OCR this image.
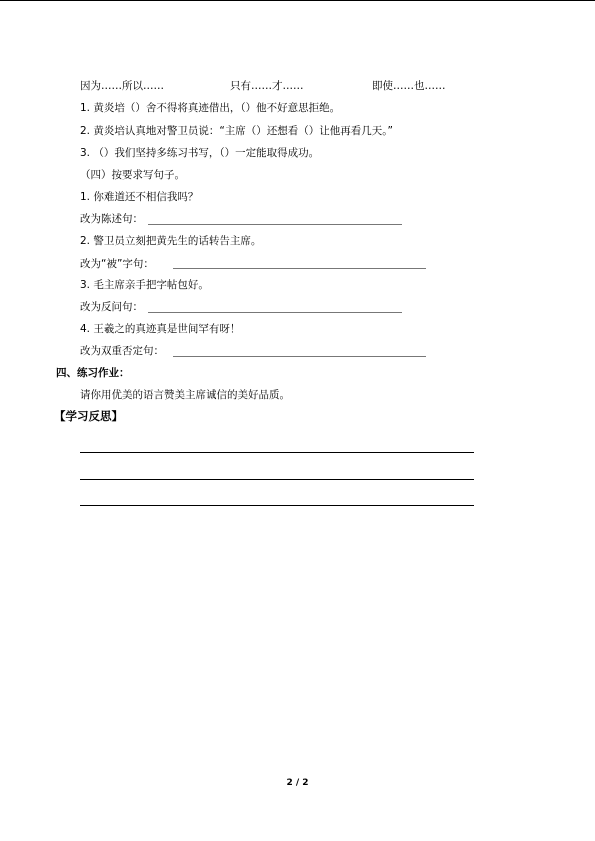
因为……所以……	只有……才……	即使……也……
1. 黄炎培（）舍不得将真迹借出，（）他不好意思拒绝。
2. 黄炎培认真地对警卫员说：“主席（）还想看（）让他再看几天。”
3. （）我们坚持多练习书写，（）一定能取得成功。
（四）按要求写句子。
1. 你难道还不相信我吗？
改为陈述句：
2. 警卫员立刻把黄先生的话转告主席。
改为“被”字句：
3. 毛主席亲手把字帖包好。
改为反问句：
4. 王羲之的真迹真是世间罕有呀！
改为双重否定句：
四、练习作业：
请你用优美的语言赞美主席诚信的美好品质。
【学习反思】
2 / 2
